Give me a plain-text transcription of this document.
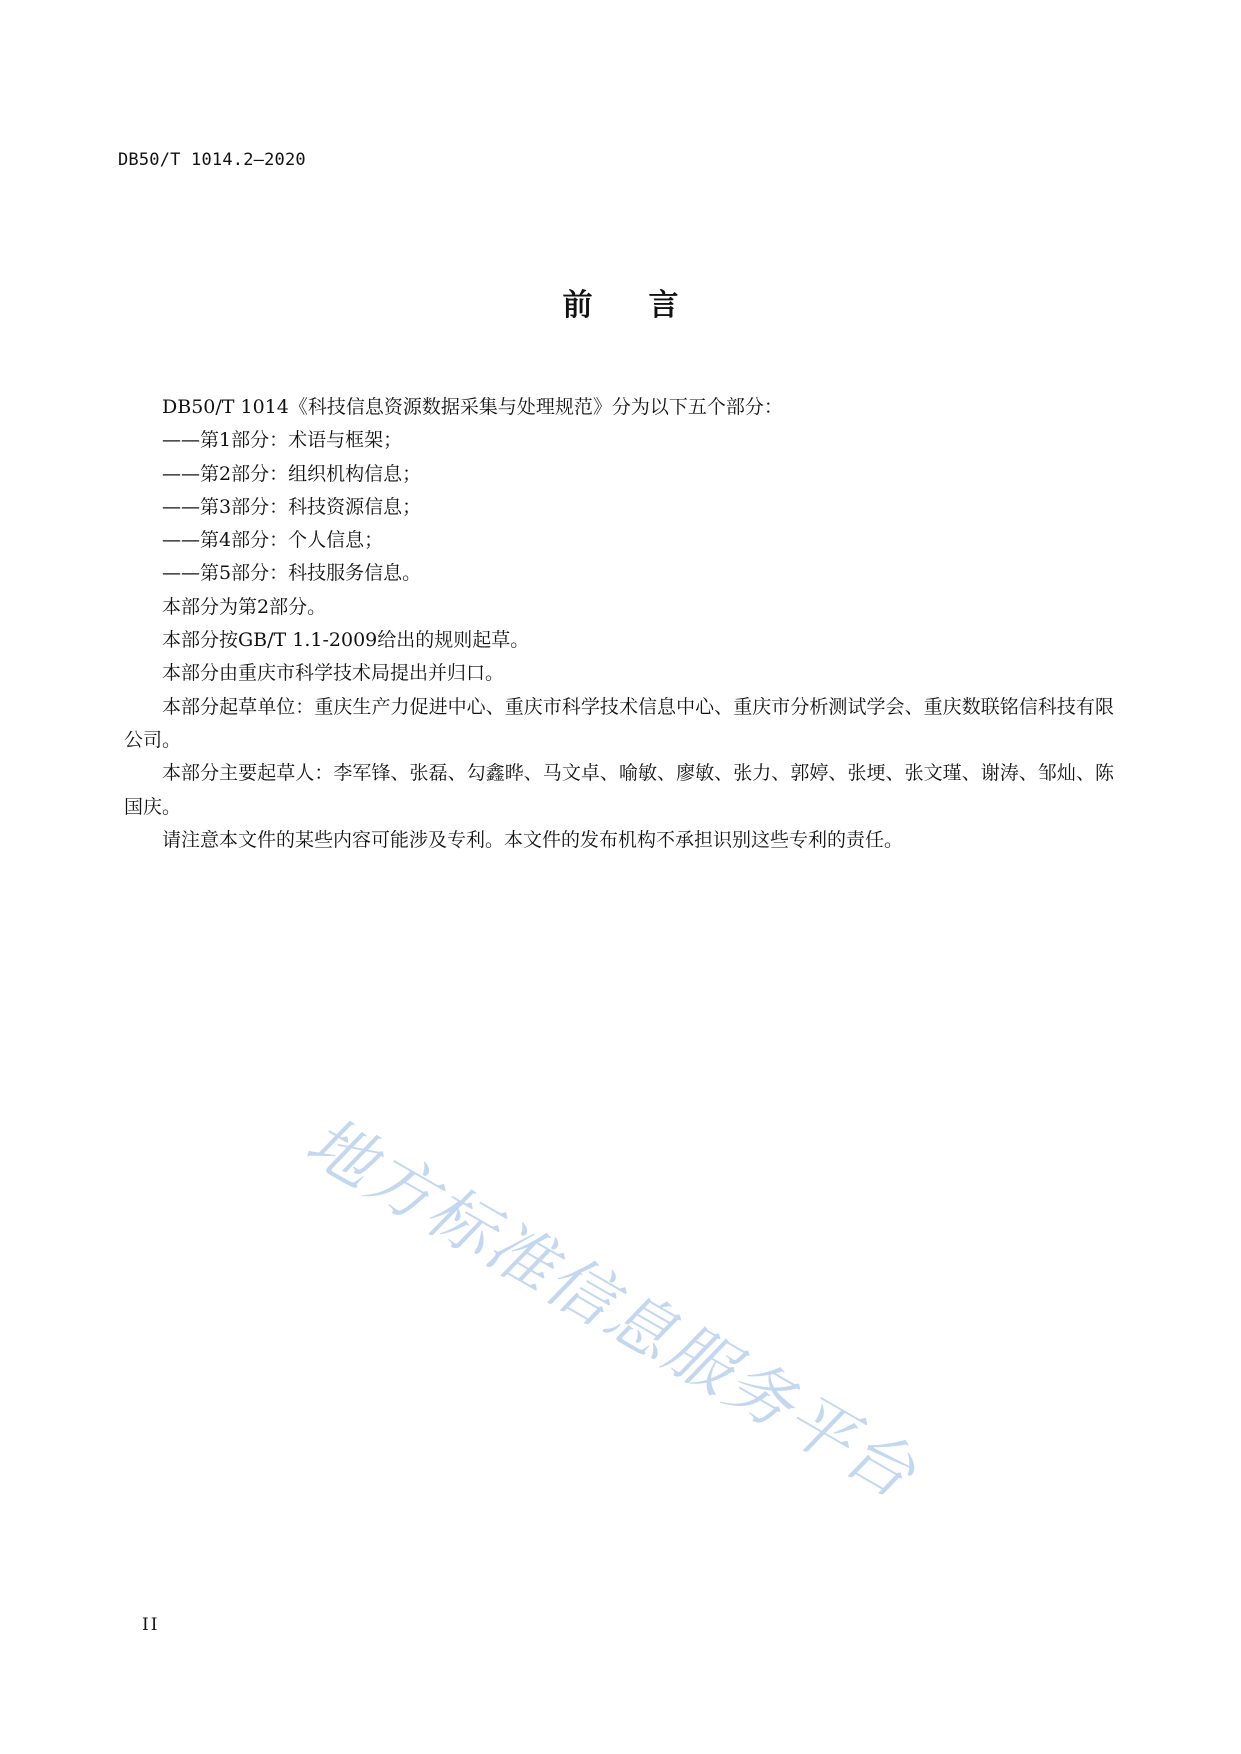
DB50/T 1014.2—2020
前言

DB50/T 1014《科技信息资源数据采集与处理规范》分为以下五个部分：

——第1部分：术语与框架；

——第2部分：组织机构信息；

——第3部分：科技资源信息；

——第4部分：个人信息；

——第5部分：科技服务信息。

本部分为第2部分。

本部分按GB/T 1.1-2009给出的规则起草。

本部分由重庆市科学技术局提出并归口。

本部分起草单位：重庆生产力促进中心、重庆市科学技术信息中心、重庆市分析测试学会、重庆数联铭信科技有限公司。

本部分主要起草人：李军锋、张磊、勾鑫晔、马文卓、喻敏、廖敏、张力、郭婷、张埂、张文瑾、谢涛、邹灿、陈国庆。

请注意本文件的某些内容可能涉及专利。本文件的发布机构不承担识别这些专利的责任。

地方标准信息服务平台
II
